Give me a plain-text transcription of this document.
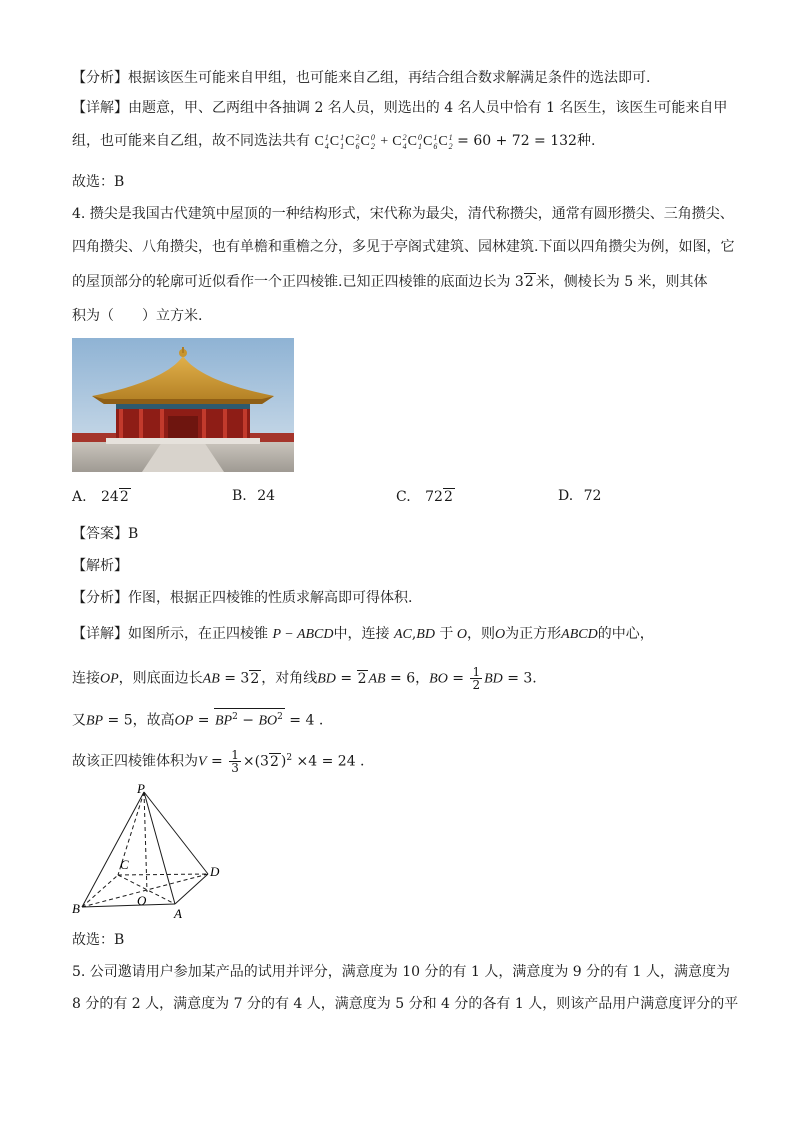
【分析】根据该医生可能来自甲组，也可能来自乙组，再结合组合数求解满足条件的选法即可.
【详解】由题意，甲、乙两组中各抽调 2 名人员，则选出的 4 名人员中恰有 1 名医生，该医生可能来自甲
组，也可能来自乙组，故不同选法共有 C 1
4 C 1
1 C 2
6 C 0
2 + C 2
4 C 0
1 C 1
6 C 1
2 = 60 + 72 = 132种.
故选：B
4. 攒尖是我国古代建筑中屋顶的一种结构形式，宋代称为最尖，清代称攒尖，通常有圆形攒尖、三角攒尖、
四角攒尖、八角攒尖，也有单檐和重檐之分，多见于亭阁式建筑、园林建筑.下面以四角攒尖为例，如图，它
的屋顶部分的轮廓可近似看作一个正四棱锥.已知正四棱锥的底面边长为 32 米，侧棱长为 5 米，则其体
积为（　　）立方米.
A. 242	B. 24	C. 722	D. 72
【答案】B
【解析】
【分析】作图，根据正四棱锥的性质求解高即可得体积.
【详解】如图所示，在正四棱锥 P − ABCD中，连接 AC,BD 于 O，则O为正方形ABCD的中心，
连接OP，则底面边长AB = 32 ，对角线BD = 2 AB = 6，BO = $\frac{1}{2}$ BD = 3.
又BP = 5，故高OP = $BP^2 - BO^2 = 4$ .
故该正四棱锥体积为$V = \frac{1}{3} \times(32$ )$^2$ ×4 = 24 .
P
C	D
O
B	A
故选：B
5. 公司邀请用户参加某产品的试用并评分，满意度为 10 分的有 1 人，满意度为 9 分的有 1 人，满意度为
8 分的有 2 人，满意度为 7 分的有 4 人，满意度为 5 分和 4 分的各有 1 人，则该产品用户满意度评分的平
